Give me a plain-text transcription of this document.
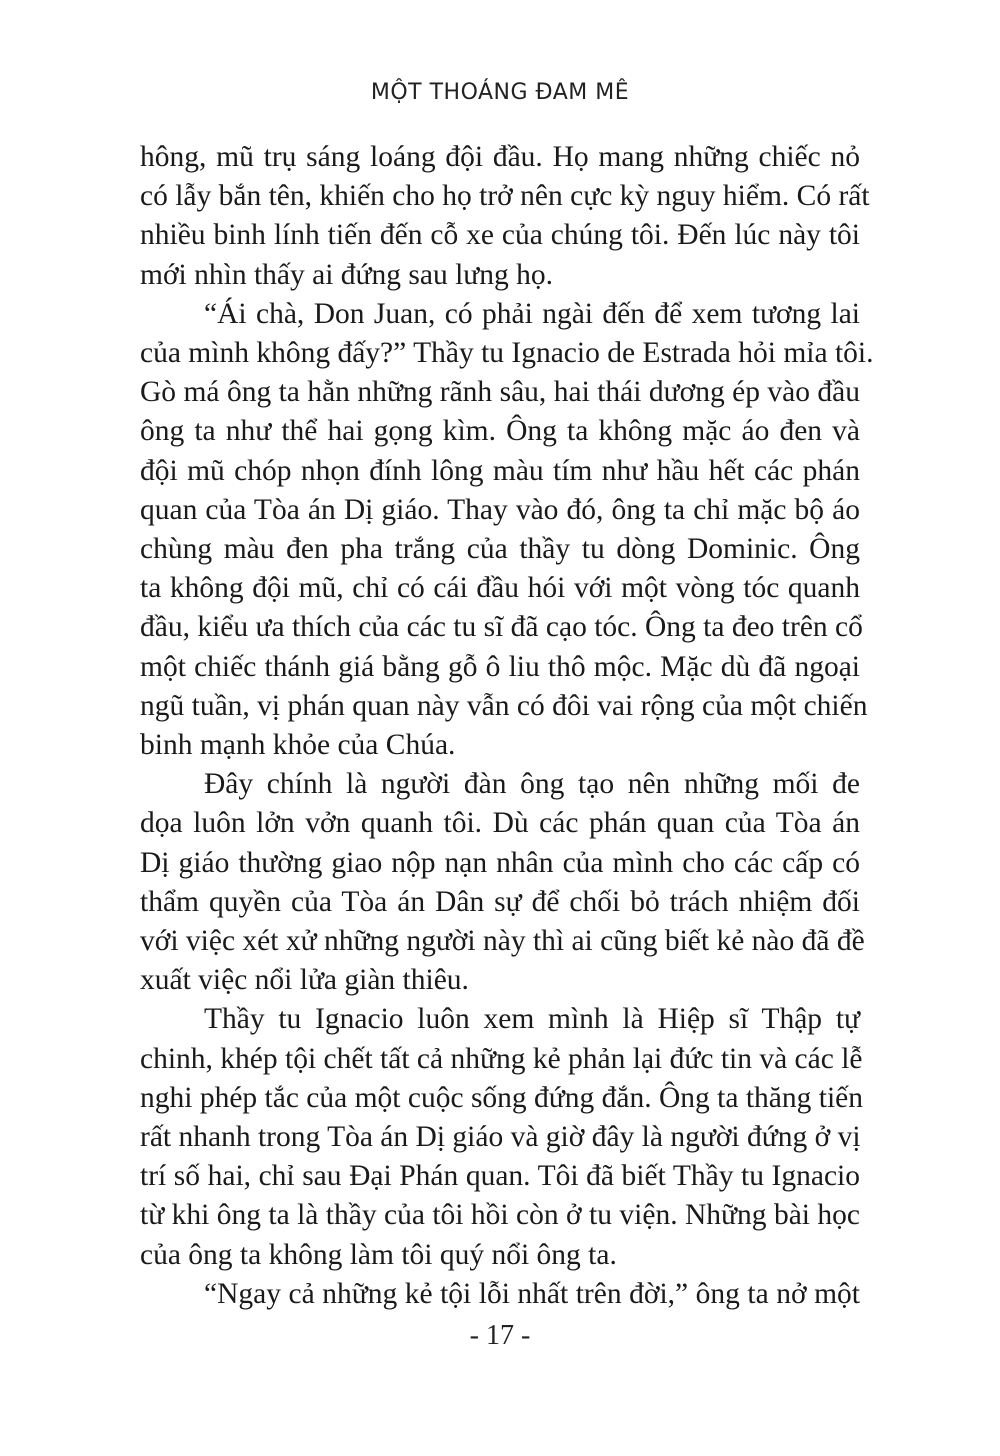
MỘT THOÁNG ĐAM MÊ
hông, mũ trụ sáng loáng đội đầu. Họ mang những chiếc nỏ
có lẫy bắn tên, khiến cho họ trở nên cực kỳ nguy hiểm. Có rất
nhiều binh lính tiến đến cỗ xe của chúng tôi. Đến lúc này tôi
mới nhìn thấy ai đứng sau lưng họ.
“Ái chà, Don Juan, có phải ngài đến để xem tương lai
của mình không đấy?” Thầy tu Ignacio de Estrada hỏi mỉa tôi.
Gò má ông ta hằn những rãnh sâu, hai thái dương ép vào đầu
ông ta như thể hai gọng kìm. Ông ta không mặc áo đen và
đội mũ chóp nhọn đính lông màu tím như hầu hết các phán
quan của Tòa án Dị giáo. Thay vào đó, ông ta chỉ mặc bộ áo
chùng màu đen pha trắng của thầy tu dòng Dominic. Ông
ta không đội mũ, chỉ có cái đầu hói với một vòng tóc quanh
đầu, kiểu ưa thích của các tu sĩ đã cạo tóc. Ông ta đeo trên cổ
một chiếc thánh giá bằng gỗ ô liu thô mộc. Mặc dù đã ngoại
ngũ tuần, vị phán quan này vẫn có đôi vai rộng của một chiến
binh mạnh khỏe của Chúa.
Đây chính là người đàn ông tạo nên những mối đe
dọa luôn lởn vởn quanh tôi. Dù các phán quan của Tòa án
Dị giáo thường giao nộp nạn nhân của mình cho các cấp có
thẩm quyền của Tòa án Dân sự để chối bỏ trách nhiệm đối
với việc xét xử những người này thì ai cũng biết kẻ nào đã đề
xuất việc nổi lửa giàn thiêu.
Thầy tu Ignacio luôn xem mình là Hiệp sĩ Thập tự
chinh, khép tội chết tất cả những kẻ phản lại đức tin và các lễ
nghi phép tắc của một cuộc sống đứng đắn. Ông ta thăng tiến
rất nhanh trong Tòa án Dị giáo và giờ đây là người đứng ở vị
trí số hai, chỉ sau Đại Phán quan. Tôi đã biết Thầy tu Ignacio
từ khi ông ta là thầy của tôi hồi còn ở tu viện. Những bài học
của ông ta không làm tôi quý nổi ông ta.
“Ngay cả những kẻ tội lỗi nhất trên đời,” ông ta nở một
- 17 -
